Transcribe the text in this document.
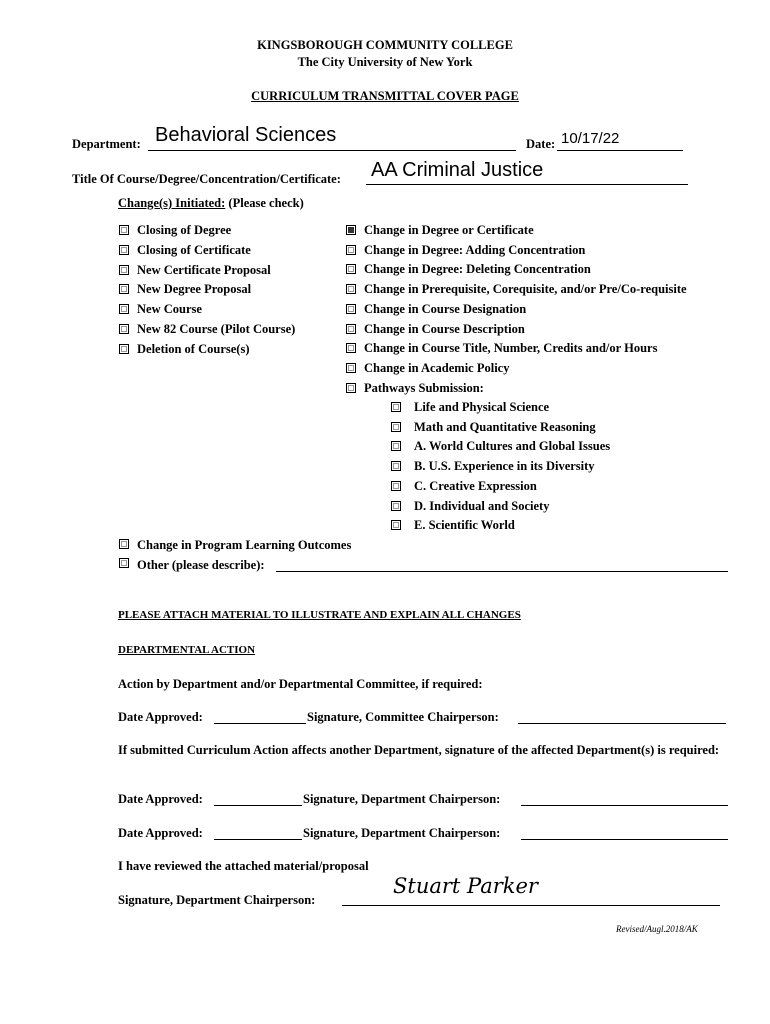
KINGSBOROUGH COMMUNITY COLLEGE
The City University of New York
CURRICULUM TRANSMITTAL COVER PAGE
Department: Behavioral Sciences	Date: 10/17/22
Title Of Course/Degree/Concentration/Certificate: AA Criminal Justice
Change(s) Initiated: (Please check)
Closing of Degree
Closing of Certificate
New Certificate Proposal
New Degree Proposal
New Course
New 82 Course (Pilot Course)
Deletion of Course(s)
Change in Degree or Certificate
Change in Degree: Adding Concentration
Change in Degree: Deleting Concentration
Change in Prerequisite, Corequisite, and/or Pre/Co-requisite
Change in Course Designation
Change in Course Description
Change in Course Title, Number, Credits and/or Hours
Change in Academic Policy
Pathways Submission:
Life and Physical Science
Math and Quantitative Reasoning
A. World Cultures and Global Issues
B. U.S. Experience in its Diversity
C. Creative Expression
D. Individual and Society
E. Scientific World
Change in Program Learning Outcomes
Other (please describe):
PLEASE ATTACH MATERIAL TO ILLUSTRATE AND EXPLAIN ALL CHANGES
DEPARTMENTAL ACTION
Action by Department and/or Departmental Committee, if required:
Date Approved:	Signature, Committee Chairperson:
If submitted Curriculum Action affects another Department, signature of the affected Department(s) is required:
Date Approved:	Signature, Department Chairperson:
Date Approved:	Signature, Department Chairperson:
I have reviewed the attached material/proposal
Signature, Department Chairperson:
Stuart Parker
Revised/Augl.2018/AK
